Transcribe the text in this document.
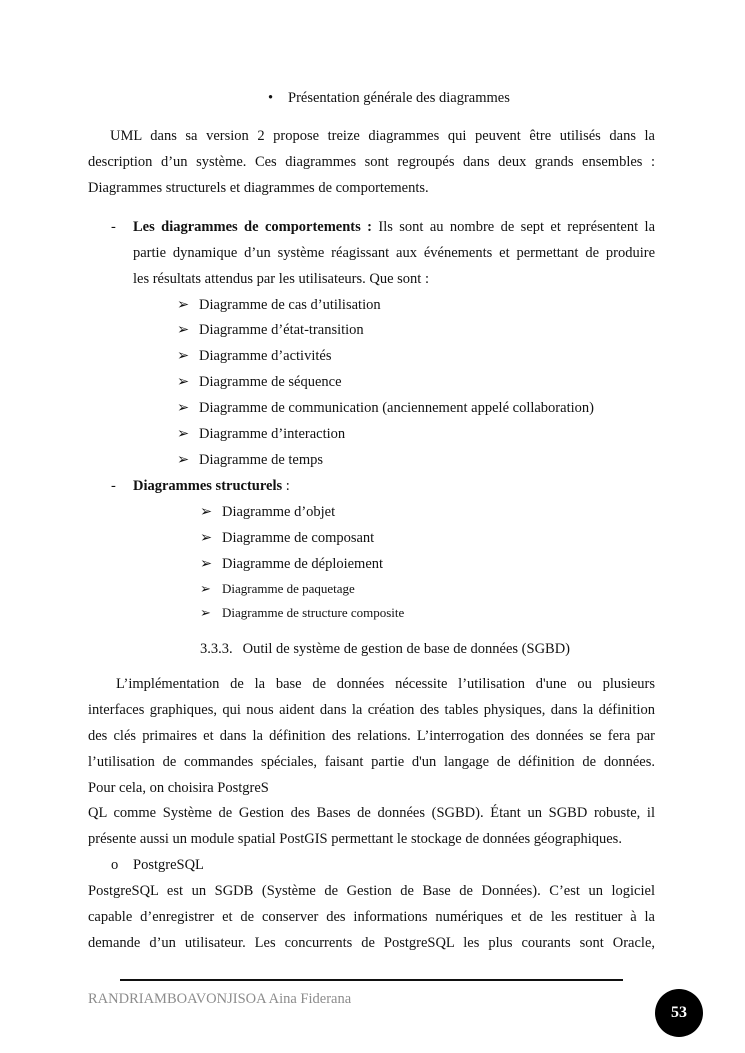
• Présentation générale des diagrammes
UML dans sa version 2 propose treize diagrammes qui peuvent être utilisés dans la
description d’un système. Ces diagrammes sont regroupés dans deux grands ensembles :
Diagrammes structurels et diagrammes de comportements.
- Les diagrammes de comportements : Ils sont au nombre de sept et représentent la
partie dynamique d’un système réagissant aux événements et permettant de produire
les résultats attendus par les utilisateurs. Que sont :
➢ Diagramme de cas d’utilisation
➢ Diagramme d’état-transition
➢ Diagramme d’activités
➢ Diagramme de séquence
➢ Diagramme de communication (anciennement appelé collaboration)
➢ Diagramme d’interaction
➢ Diagramme de temps
- Diagrammes structurels :
➢ Diagramme d’objet
➢ Diagramme de composant
➢ Diagramme de déploiement
➢ Diagramme de paquetage
➢ Diagramme de structure composite
3.3.3. Outil de système de gestion de base de données (SGBD)
L’implémentation de la base de données nécessite l’utilisation d'une ou plusieurs
interfaces graphiques, qui nous aident dans la création des tables physiques, dans la définition
des clés primaires et dans la définition des relations. L’interrogation des données se fera par
l’utilisation de commandes spéciales, faisant partie d'un langage de définition de données.
Pour cela, on choisira PostgreS
QL comme Système de Gestion des Bases de données (SGBD). Étant un SGBD robuste, il
présente aussi un module spatial PostGIS permettant le stockage de données géographiques.
o PostgreSQL
PostgreSQL est un SGDB (Système de Gestion de Base de Données). C’est un logiciel
capable d’enregistrer et de conserver des informations numériques et de les restituer à la
demande d’un utilisateur. Les concurrents de PostgreSQL les plus courants sont Oracle,
RANDRIAMBOAVONJISOA Aina Fiderana
53
